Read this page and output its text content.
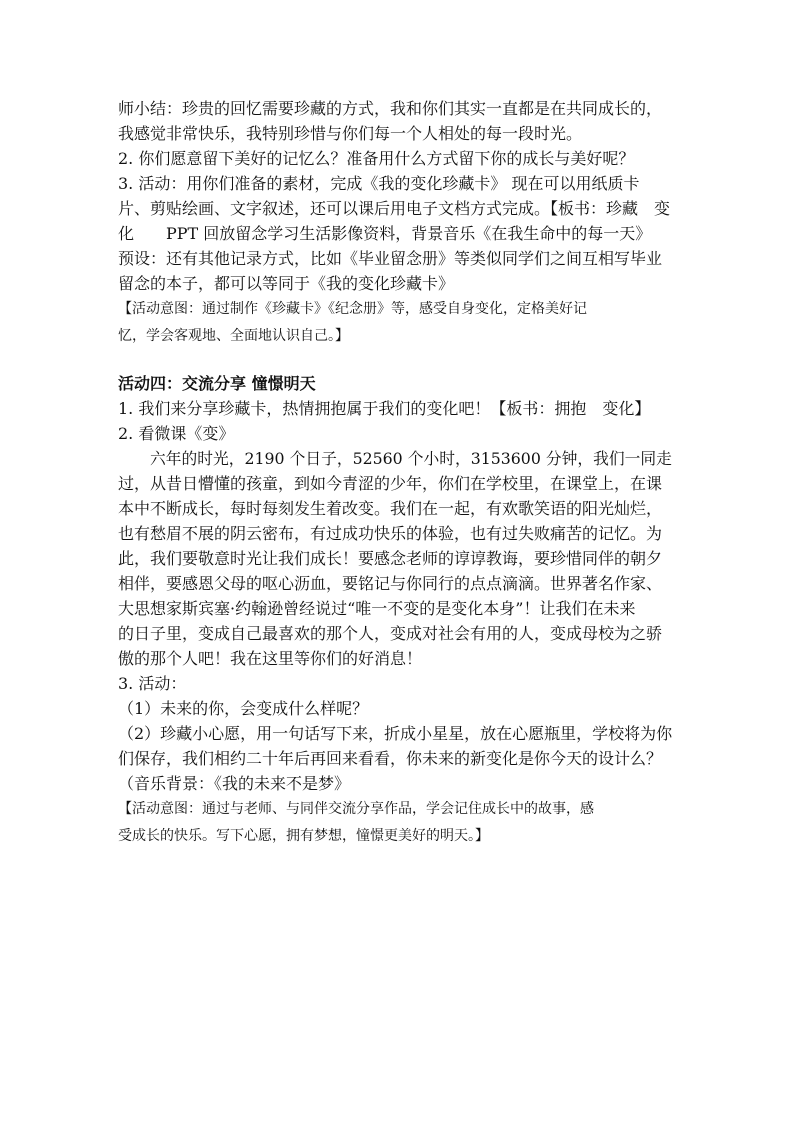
师小结：珍贵的回忆需要珍藏的方式，我和你们其实一直都是在共同成长的，

我感觉非常快乐，我特别珍惜与你们每一个人相处的每一段时光。

2. 你们愿意留下美好的记忆么？准备用什么方式留下你的成长与美好呢？

3. 活动：用你们准备的素材，完成《我的变化珍藏卡》 现在可以用纸质卡

片、剪贴绘画、文字叙述，还可以课后用电子文档方式完成。【板书：珍藏　变

化　　PPT 回放留念学习生活影像资料，背景音乐《在我生命中的每一天》

预设：还有其他记录方式，比如《毕业留念册》等类似同学们之间互相写毕业

留念的本子，都可以等同于《我的变化珍藏卡》

【活动意图：通过制作《珍藏卡》《纪念册》等，感受自身变化，定格美好记

忆，学会客观地、全面地认识自己。】

活动四：交流分享 憧憬明天

1. 我们来分享珍藏卡，热情拥抱属于我们的变化吧！【板书：拥抱　变化】

2. 看微课《变》

六年的时光，2190 个日子，52560 个小时，3153600 分钟，我们一同走

过，从昔日懵懂的孩童，到如今青涩的少年，你们在学校里，在课堂上，在课

本中不断成长，每时每刻发生着改变。我们在一起，有欢歌笑语的阳光灿烂，

也有愁眉不展的阴云密布，有过成功快乐的体验，也有过失败痛苦的记忆。为

此，我们要敬意时光让我们成长！要感念老师的谆谆教诲，要珍惜同伴的朝夕

相伴，要感恩父母的呕心沥血，要铭记与你同行的点点滴滴。世界著名作家、

大思想家斯宾塞·约翰逊曾经说过“唯一不变的是变化本身”！让我们在未来

的日子里，变成自己最喜欢的那个人，变成对社会有用的人，变成母校为之骄

傲的那个人吧！我在这里等你们的好消息！

3. 活动：

（1）未来的你，会变成什么样呢？

（2）珍藏小心愿，用一句话写下来，折成小星星，放在心愿瓶里，学校将为你

们保存，我们相约二十年后再回来看看，你未来的新变化是你今天的设计么？

（音乐背景：《我的未来不是梦》

【活动意图：通过与老师、与同伴交流分享作品，学会记住成长中的故事，感

受成长的快乐。写下心愿，拥有梦想，憧憬更美好的明天。】
